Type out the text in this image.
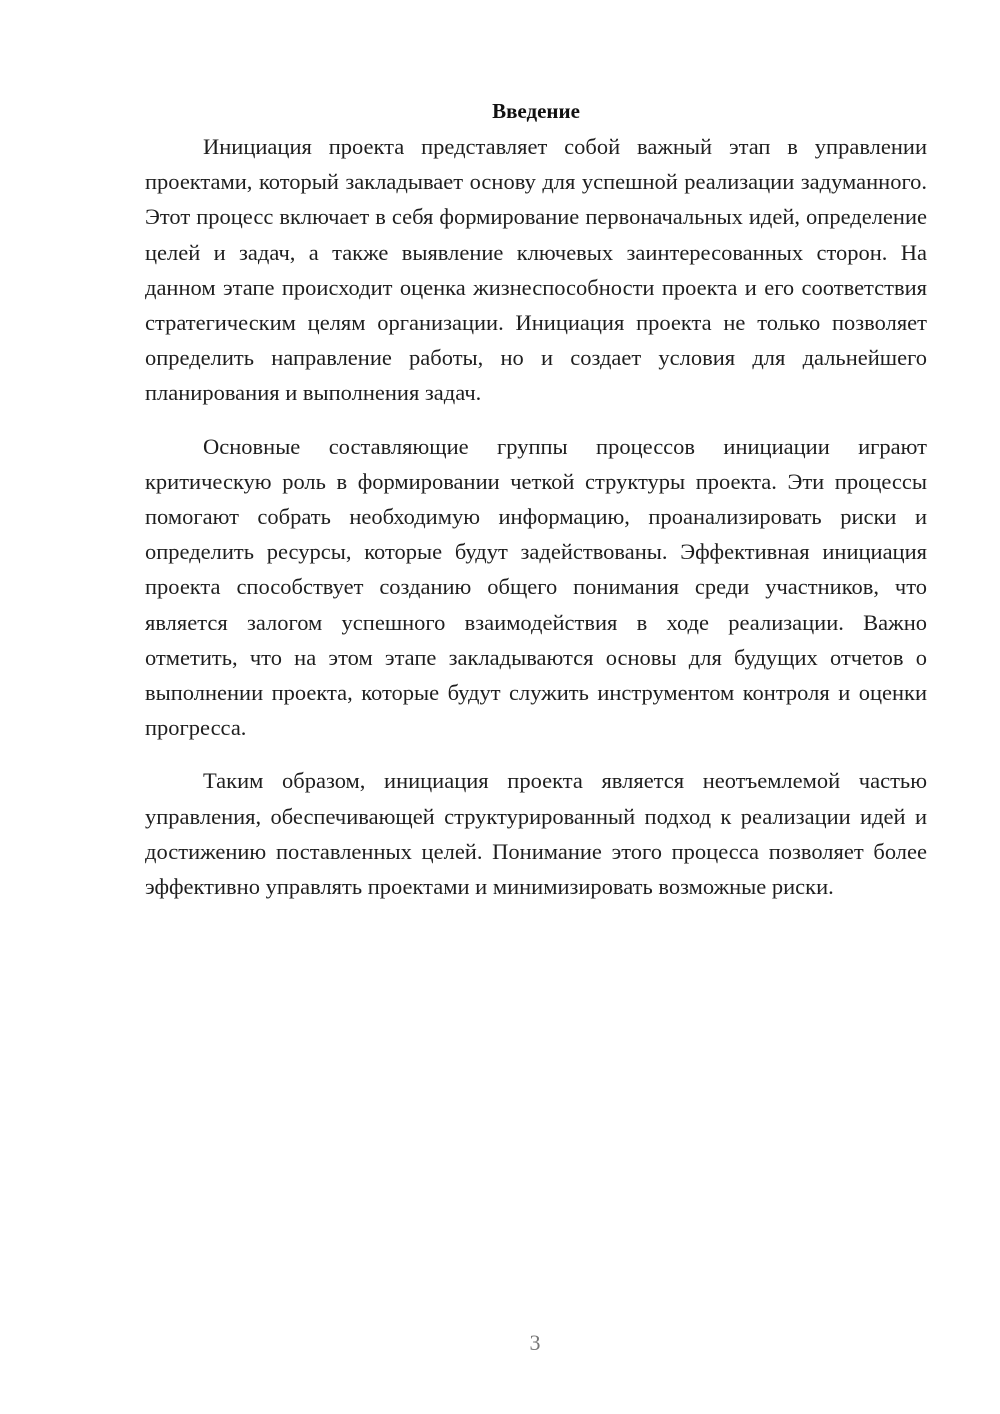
Введение

Инициация проекта представляет собой важный этап в управлении проектами, который закладывает основу для успешной реализации задуманного. Этот процесс включает в себя формирование первоначальных идей, определение целей и задач, а также выявление ключевых заинтересованных сторон. На данном этапе происходит оценка жизнеспособности проекта и его соответствия стратегическим целям организации. Инициация проекта не только позволяет определить направление работы, но и создает условия для дальнейшего планирования и выполнения задач.

Основные составляющие группы процессов инициации играют критическую роль в формировании четкой структуры проекта. Эти процессы помогают собрать необходимую информацию, проанализировать риски и определить ресурсы, которые будут задействованы. Эффективная инициация проекта способствует созданию общего понимания среди участников, что является залогом успешного взаимодействия в ходе реализации. Важно отметить, что на этом этапе закладываются основы для будущих отчетов о выполнении проекта, которые будут служить инструментом контроля и оценки прогресса.

Таким образом, инициация проекта является неотъемлемой частью управления, обеспечивающей структурированный подход к реализации идей и достижению поставленных целей. Понимание этого процесса позволяет более эффективно управлять проектами и минимизировать возможные риски.

3
